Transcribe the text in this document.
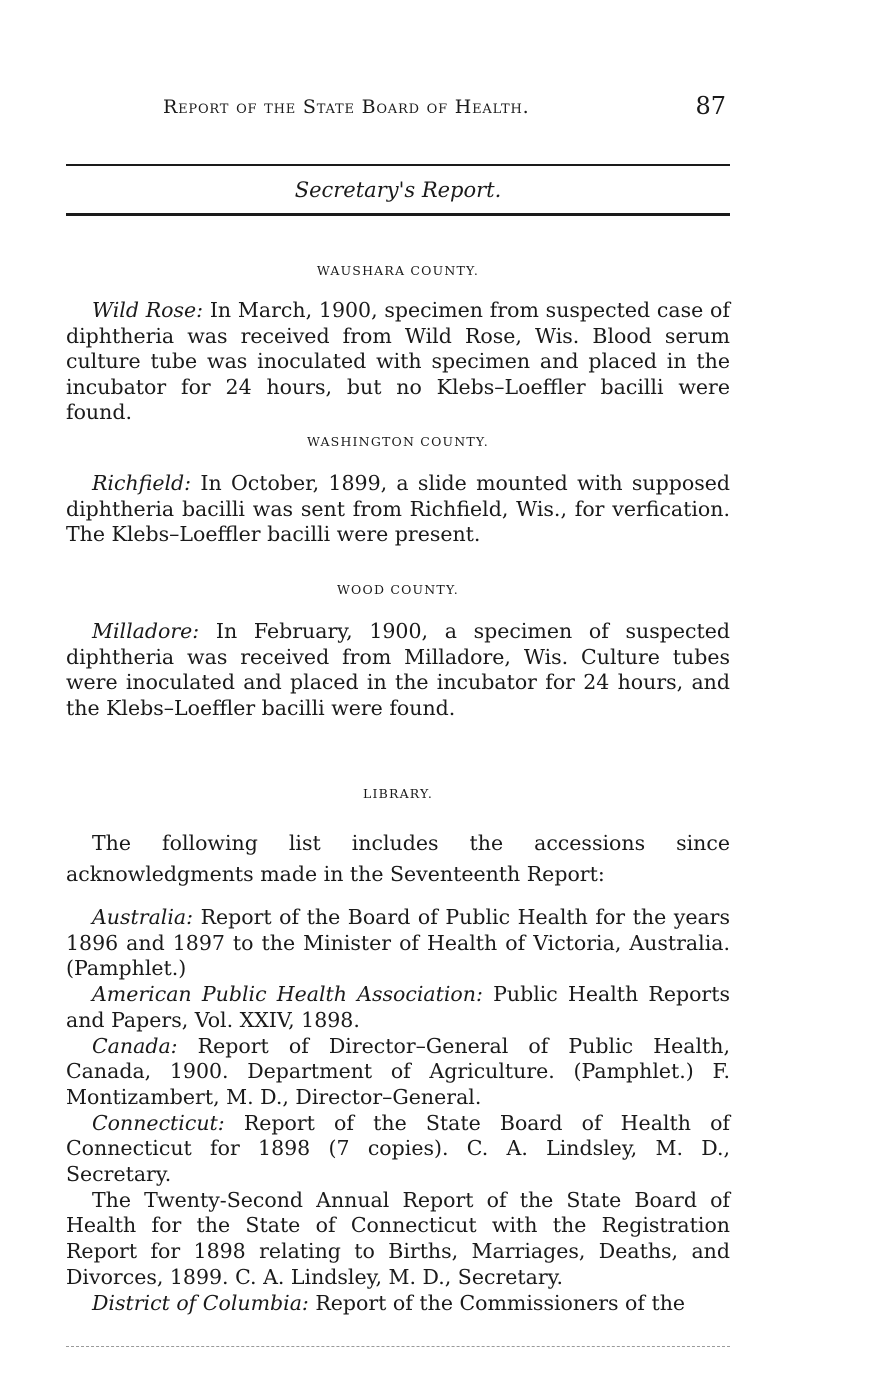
Report of the State Board of Health.	87
Secretary's Report.
WAUSHARA COUNTY.

Wild Rose: In March, 1900, specimen from suspected case of diphtheria was received from Wild Rose, Wis. Blood serum culture tube was inoculated with specimen and placed in the incubator for 24 hours, but no Klebs–Loeffler bacilli were found.

WASHINGTON COUNTY.

Richfield: In October, 1899, a slide mounted with supposed diphtheria bacilli was sent from Richfield, Wis., for verfication. The Klebs–Loeffler bacilli were present.

WOOD COUNTY.

Milladore: In February, 1900, a specimen of suspected diphtheria was received from Milladore, Wis. Culture tubes were inoculated and placed in the incubator for 24 hours, and the Klebs–Loeffler bacilli were found.

LIBRARY.

The following list includes the accessions since acknowledgments made in the Seventeenth Report:

Australia: Report of the Board of Public Health for the years 1896 and 1897 to the Minister of Health of Victoria, Australia. (Pamphlet.)

American Public Health Association: Public Health Reports and Papers, Vol. XXIV, 1898.

Canada: Report of Director–General of Public Health, Canada, 1900. Department of Agriculture. (Pamphlet.) F. Montizambert, M. D., Director–General.

Connecticut: Report of the State Board of Health of Connecticut for 1898 (7 copies). C. A. Lindsley, M. D., Secretary.

The Twenty-Second Annual Report of the State Board of Health for the State of Connecticut with the Registration Report for 1898 relating to Births, Marriages, Deaths, and Divorces, 1899. C. A. Lindsley, M. D., Secretary.

District of Columbia: Report of the Commissioners of the
